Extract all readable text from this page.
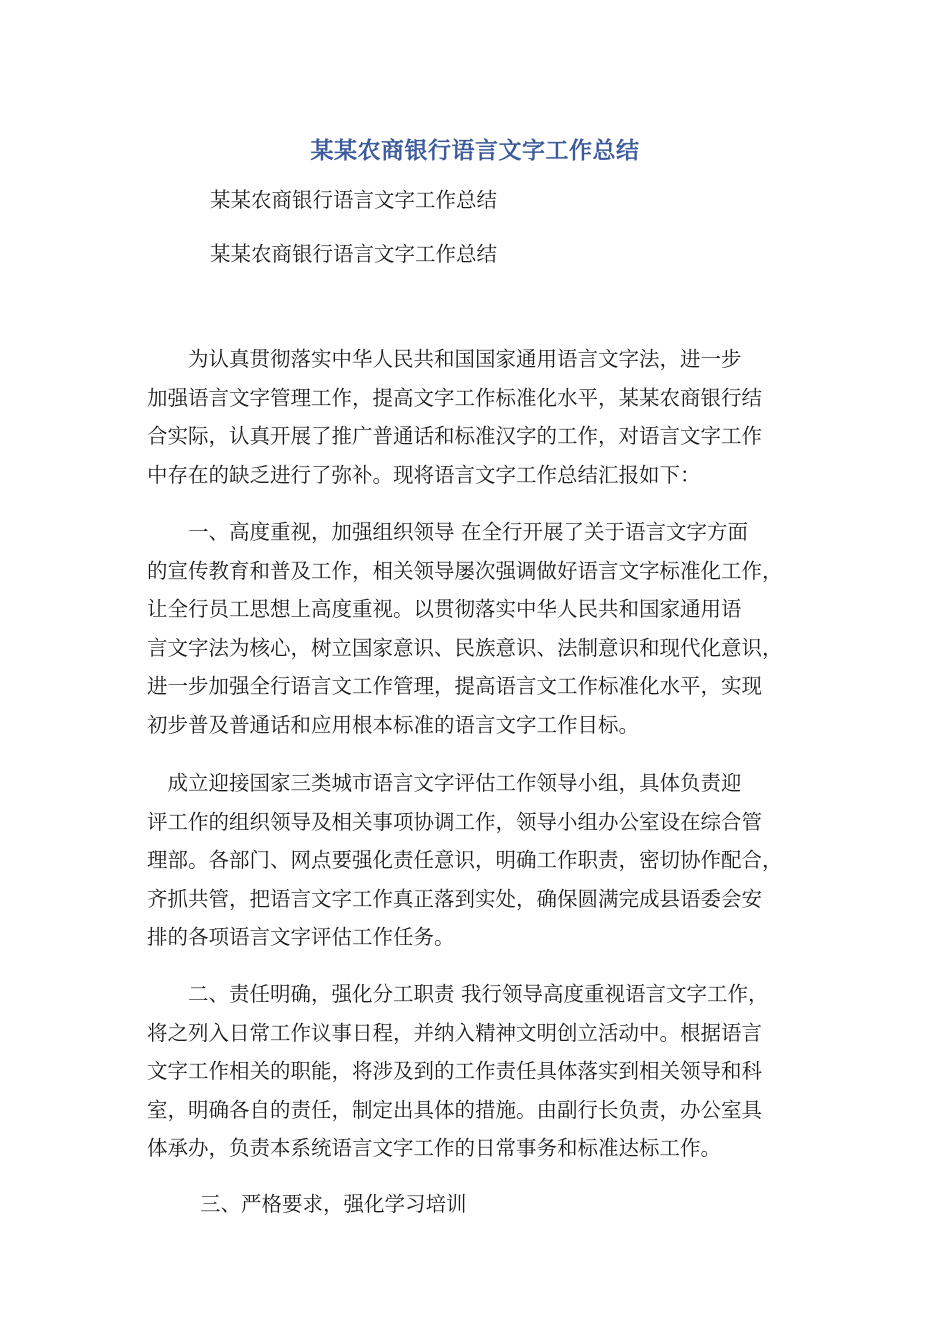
某某农商银行语言文字工作总结
某某农商银行语言文字工作总结
某某农商银行语言文字工作总结
　　为认真贯彻落实中华人民共和国国家通用语言文字法，进一步
加强语言文字管理工作，提高文字工作标准化水平，某某农商银行结
合实际，认真开展了推广普通话和标准汉字的工作，对语言文字工作
中存在的缺乏进行了弥补。现将语言文字工作总结汇报如下：
　　一、高度重视，加强组织领导 在全行开展了关于语言文字方面
的宣传教育和普及工作，相关领导屡次强调做好语言文字标准化工作，
让全行员工思想上高度重视。以贯彻落实中华人民共和国家通用语
言文字法为核心，树立国家意识、民族意识、法制意识和现代化意识，
进一步加强全行语言文工作管理，提高语言文工作标准化水平，实现
初步普及普通话和应用根本标准的语言文字工作目标。
　成立迎接国家三类城市语言文字评估工作领导小组，具体负责迎
评工作的组织领导及相关事项协调工作，领导小组办公室设在综合管
理部。各部门、网点要强化责任意识，明确工作职责，密切协作配合，
齐抓共管，把语言文字工作真正落到实处，确保圆满完成县语委会安
排的各项语言文字评估工作任务。
　　二、责任明确，强化分工职责 我行领导高度重视语言文字工作，
将之列入日常工作议事日程，并纳入精神文明创立活动中。根据语言
文字工作相关的职能，将涉及到的工作责任具体落实到相关领导和科
室，明确各自的责任，制定出具体的措施。由副行长负责，办公室具
体承办，负责本系统语言文字工作的日常事务和标准达标工作。
三、严格要求，强化学习培训
